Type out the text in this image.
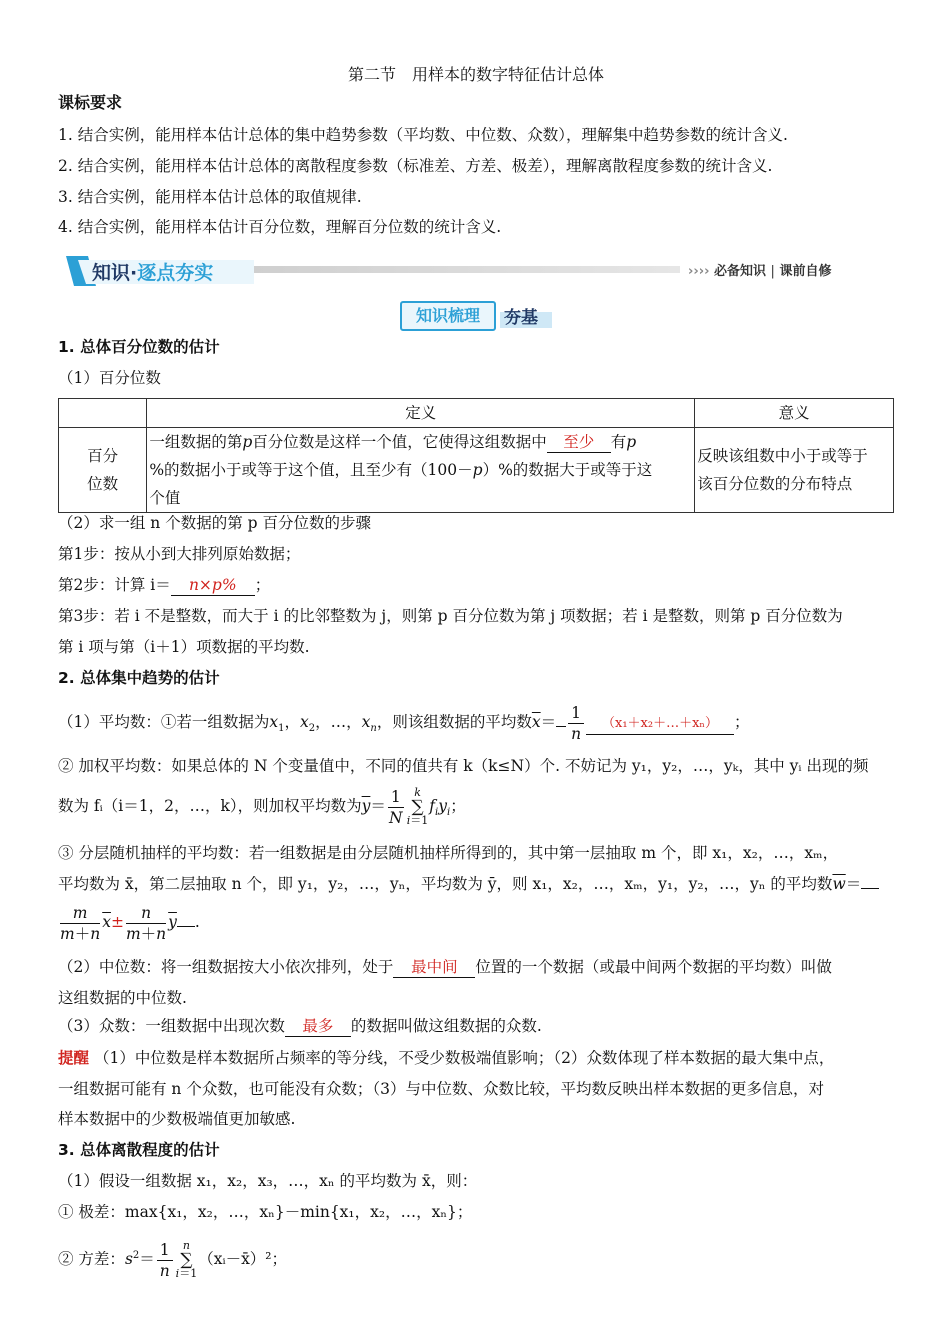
第二节　用样本的数字特征估计总体
课标要求
1. 结合实例，能用样本估计总体的集中趋势参数（平均数、中位数、众数），理解集中趋势参数的统计含义.
2. 结合实例，能用样本估计总体的离散程度参数（标准差、方差、极差），理解离散程度参数的统计含义.
3. 结合实例，能用样本估计总体的取值规律.
4. 结合实例，能用样本估计百分位数，理解百分位数的统计含义.
知识·逐点夯实	›››› 必备知识 | 课前自修
知识梳理	夯基
1. 总体百分位数的估计
（1）百分位数
	定义	意义
百分
位数	一组数据的第p百分位数是这样一个值，它使得这组数据中 至少 有p
%的数据小于或等于这个值，且至少有（100－p）%的数据大于或等于这
个值	反映该组数中小于或等于
该百分位数的分布特点
（2）求一组 n 个数据的第 p 百分位数的步骤
第1步：按从小到大排列原始数据；
第2步：计算 i＝ n×p% ；
第3步：若 i 不是整数，而大于 i 的比邻整数为 j，则第 p 百分位数为第 j 项数据；若 i 是整数，则第 p 百分位数为
第 i 项与第（i＋1）项数据的平均数.
2. 总体集中趋势的估计
（1）平均数：①若一组数据为$x_1$，$x_2$，…，$x_n$，则该组数据的平均数$\overline{x}= \frac{1}{n}$ （x₁＋x₂＋…＋xₙ） ；
② 加权平均数：如果总体的 N 个变量值中，不同的值共有 k（k≤N）个. 不妨记为 y₁，y₂，…，yₖ，其中 yᵢ 出现的频
数为 fᵢ（i＝1，2，…，k），则加权平均数为$\overline{y}= \frac{1}{N}$ k
∑
$i=1f_iy_i$；
③ 分层随机抽样的平均数：若一组数据是由分层随机抽样所得到的，其中第一层抽取 m 个，即 x₁，x₂，…，xₘ，
平均数为 x̄，第二层抽取 n 个，即 y₁，y₂，…，yₙ，平均数为 ȳ，则 x₁，x₂，…，xₘ，y₁，y₂，…，yₙ 的平均数$\overline{w}=$
$\frac{m}{m+n} \overline{x}\pm \frac{n}{m+n} \overline{y}$ .
（2）中位数：将一组数据按大小依次排列，处于 最中间 位置的一个数据（或最中间两个数据的平均数）叫做
这组数据的中位数.
（3）众数：一组数据中出现次数 最多 的数据叫做这组数据的众数.
提醒 （1）中位数是样本数据所占频率的等分线，不受少数极端值影响；（2）众数体现了样本数据的最大集中点，
一组数据可能有 n 个众数，也可能没有众数；（3）与中位数、众数比较，平均数反映出样本数据的更多信息，对
样本数据中的少数极端值更加敏感.
3. 总体离散程度的估计
（1）假设一组数据 x₁，x₂，x₃，…，xₙ 的平均数为 x̄，则：
① 极差：max{x₁，x₂，…，xₙ}－min{x₁，x₂，…，xₙ}；
② 方差：$s^2= \frac{1}{n}$ n
∑
i＝1（xᵢ－x̄）²；
